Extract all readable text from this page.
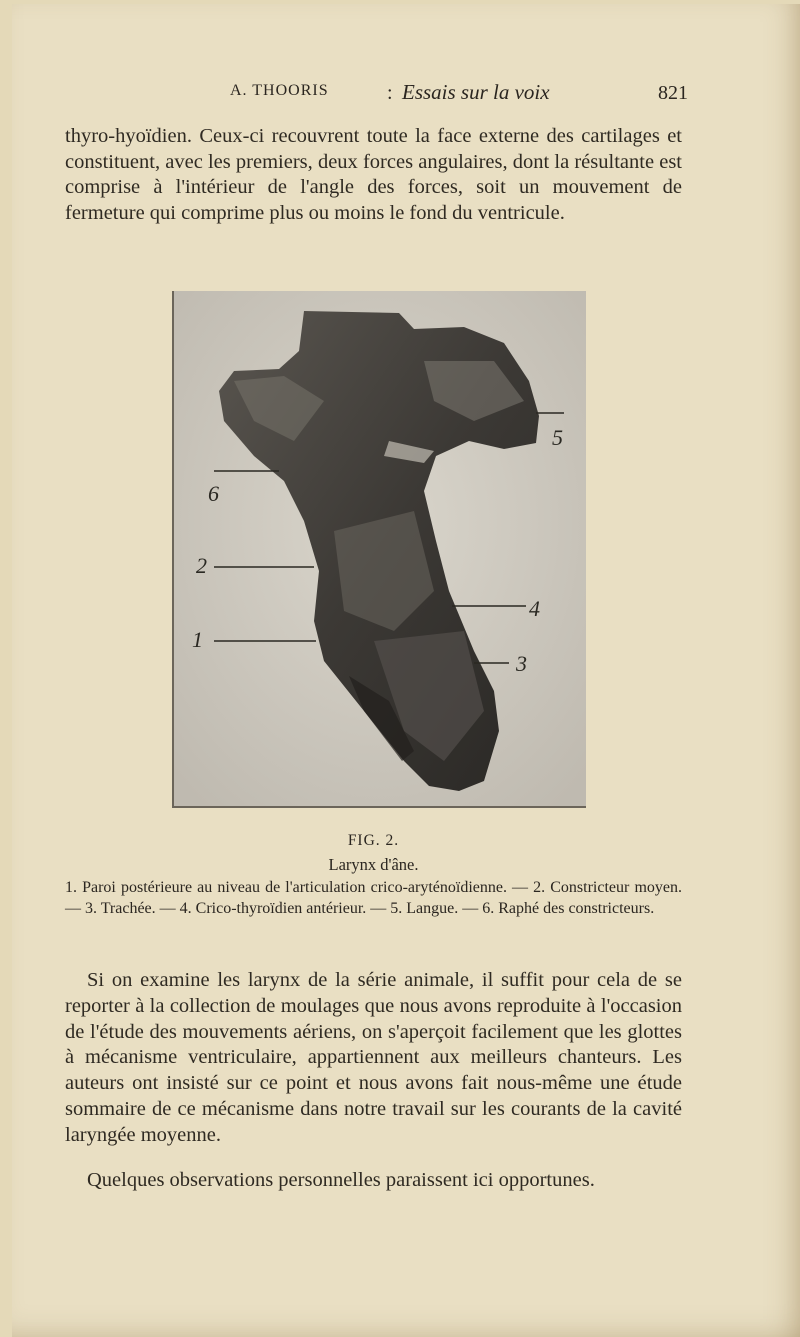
A. THOORIS	: Essais sur la voix	821

thyro-hyoïdien. Ceux-ci recouvrent toute la face externe des cartilages et constituent, avec les premiers, deux forces angulaires, dont la résultante est comprise à l'intérieur de l'angle des forces, soit un mouvement de fermeture qui comprime plus ou moins le fond du ventricule.

5
6
2
4
1
3
FIG. 2.
Larynx d'âne.

1. Paroi postérieure au niveau de l'articulation crico-aryténoïdienne. — 2. Constricteur moyen. — 3. Trachée. — 4. Crico-thyroïdien antérieur. — 5. Langue. — 6. Raphé des constricteurs.

Si on examine les larynx de la série animale, il suffit pour cela de se reporter à la collection de moulages que nous avons reproduite à l'occasion de l'étude des mouvements aériens, on s'aperçoit facilement que les glottes à mécanisme ventriculaire, appartiennent aux meilleurs chanteurs. Les auteurs ont insisté sur ce point et nous avons fait nous-même une étude sommaire de ce mécanisme dans notre travail sur les courants de la cavité laryngée moyenne.

Quelques observations personnelles paraissent ici opportunes.
